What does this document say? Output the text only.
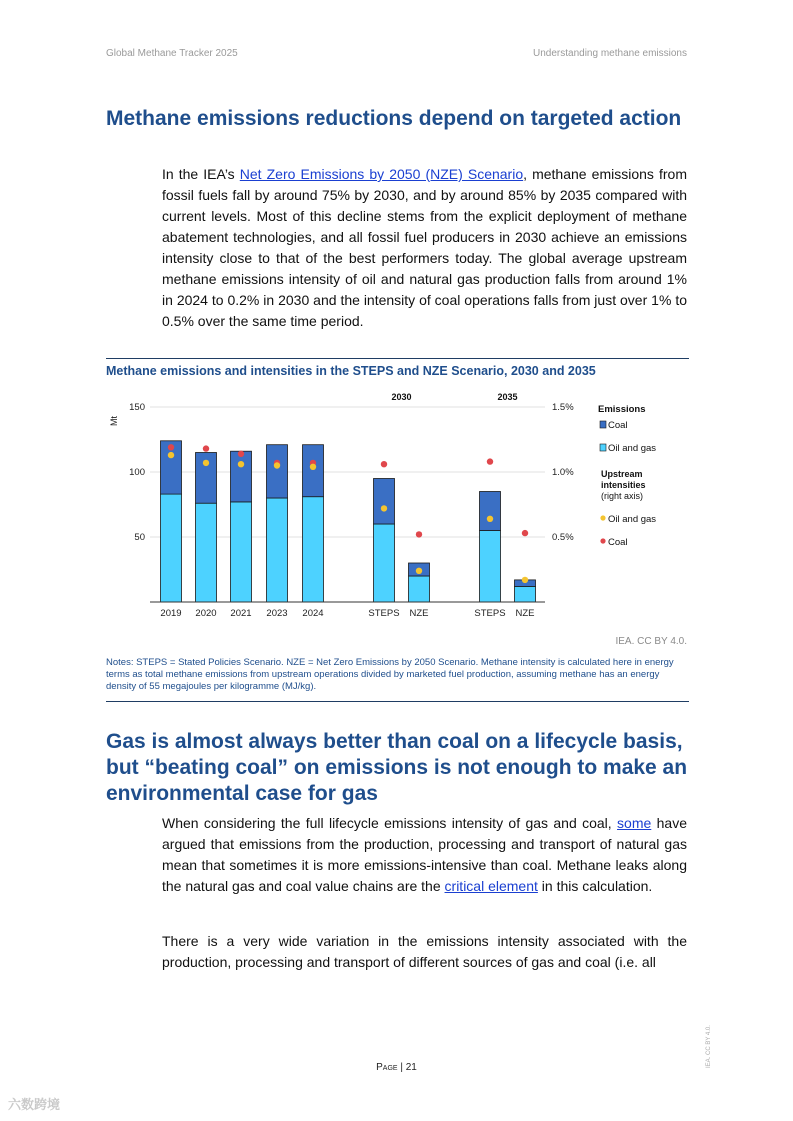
Global Methane Tracker 2025	Understanding methane emissions
Methane emissions reductions depend on targeted action

In the IEA’s Net Zero Emissions by 2050 (NZE) Scenario, methane emissions from fossil fuels fall by around 75% by 2030, and by around 85% by 2035 compared with current levels. Most of this decline stems from the explicit deployment of methane abatement technologies, and all fossil fuel producers in 2030 achieve an emissions intensity close to that of the best performers today. The global average upstream methane emissions intensity of oil and natural gas production falls from around 1% in 2024 to 0.2% in 2030 and the intensity of coal operations falls from just over 1% to 0.5% over the same time period.

Methane emissions and intensities in the STEPS and NZE Scenario, 2030 and 2035
50
100
150
0.5%
1.0%
1.5%
Mt
2019 2020 2021 2023 2024	STEPS NZE	STEPS NZE
2030	2035
Emissions
Coal
Oil and gas
Upstream
intensities
(right axis)
Oil and gas
Coal
IEA. CC BY 4.0.
Notes: STEPS = Stated Policies Scenario. NZE = Net Zero Emissions by 2050 Scenario. Methane intensity is calculated here in energy terms as total methane emissions from upstream operations divided by marketed fuel production, assuming methane has an energy density of 55 megajoules per kilogramme (MJ/kg).
Gas is almost always better than coal on a lifecycle basis, but “beating coal” on emissions is not enough to make an environmental case for gas

When considering the full lifecycle emissions intensity of gas and coal, some have argued that emissions from the production, processing and transport of natural gas mean that sometimes it is more emissions-intensive than coal. Methane leaks along the natural gas and coal value chains are the critical element in this calculation.

There is a very wide variation in the emissions intensity associated with the production, processing and transport of different sources of gas and coal (i.e. all

Page | 21	IEA. CC BY 4.0.
六数跨境
